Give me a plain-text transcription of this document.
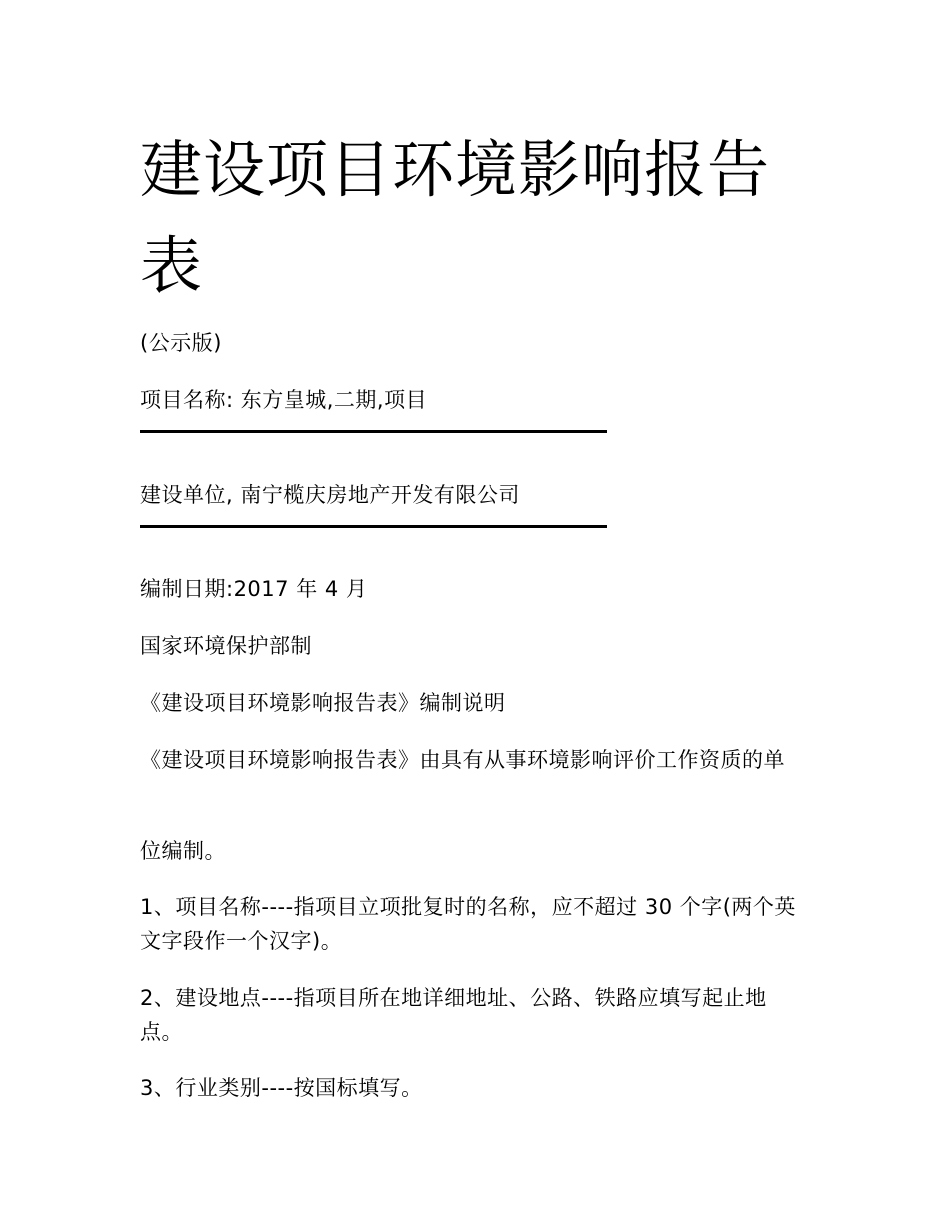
建设项目环境影响报告表

(公示版)

项目名称: 东方皇城,二期,项目

建设单位, 南宁榄庆房地产开发有限公司

编制日期:2017 年 4 月

国家环境保护部制

《建设项目环境影响报告表》编制说明

《建设项目环境影响报告表》由具有从事环境影响评价工作资质的单

位编制。

1、项目名称----指项目立项批复时的名称，应不超过 30 个字(两个英文字段作一个汉字)。

2、建设地点----指项目所在地详细地址、公路、铁路应填写起止地点。

3、行业类别----按国标填写。
